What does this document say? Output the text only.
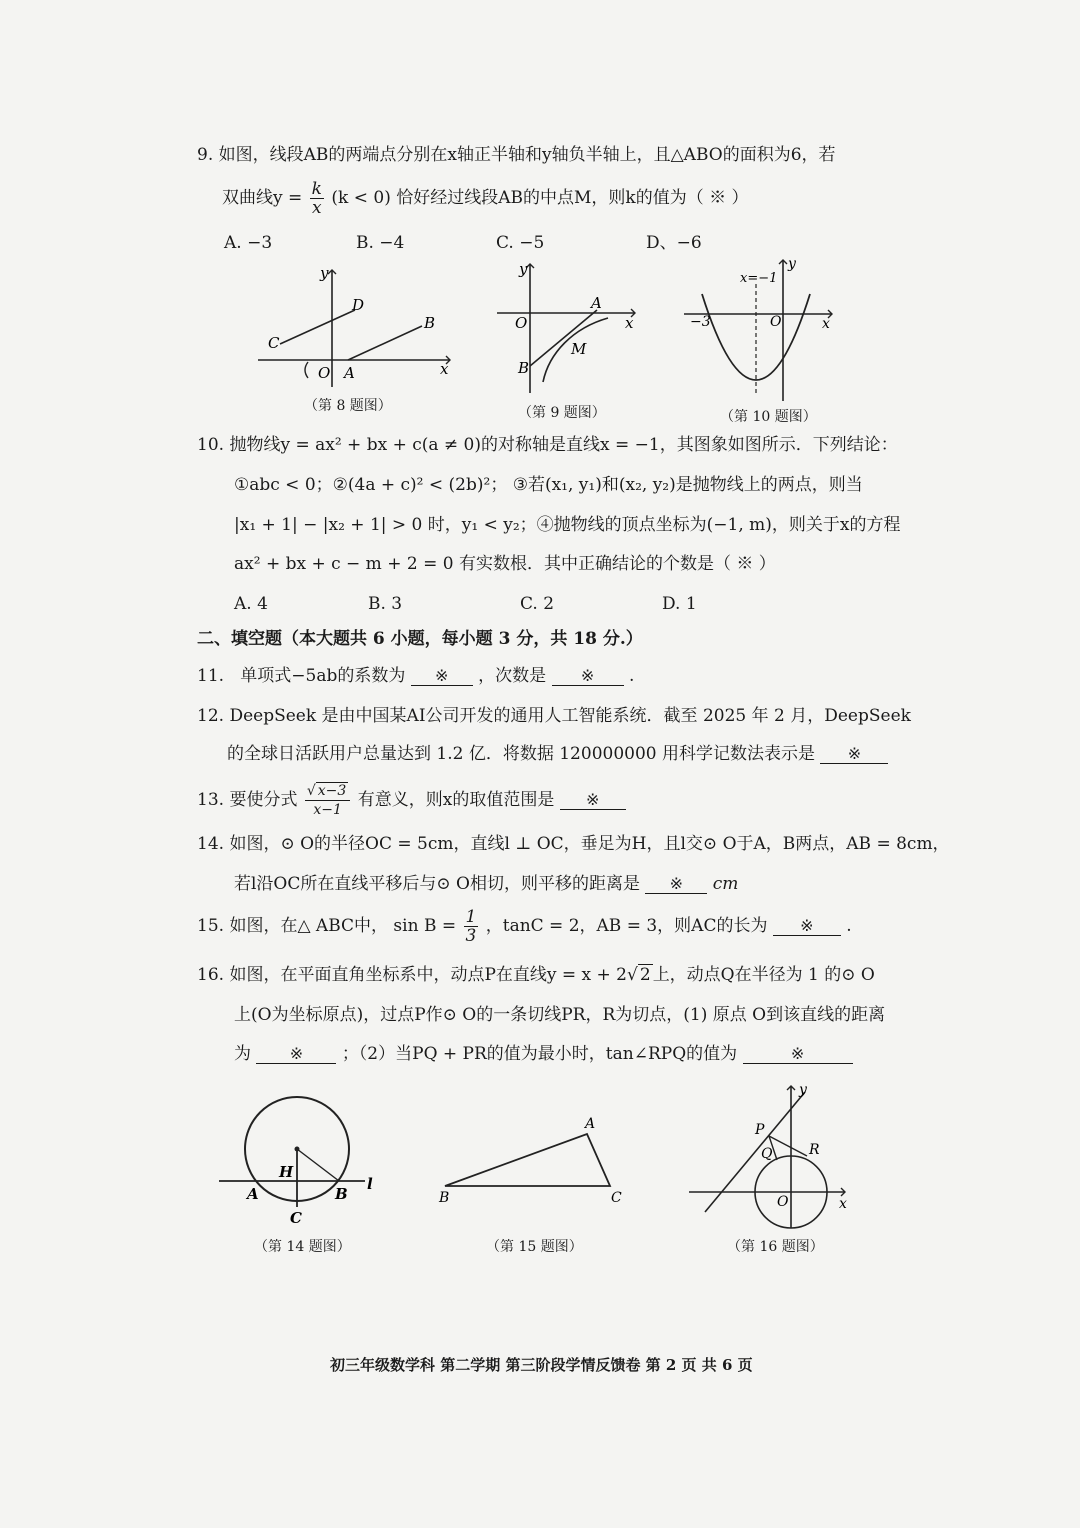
9. 如图，线段AB的两端点分别在x轴正半轴和y轴负半轴上，且△ABO的面积为6，若
双曲线$y = \frac{k}{x} (k < 0)$ 恰好经过线段AB的中点M，则k的值为（ ※ ）
A. −3	B. −4	C. −5	D、−6
y
D
B
C
O A	x
（第 8 题图）
y
A
O	x
M
B
（第 9 题图）
x=−1
y
−3	O	x
（第 10 题图）
10. 抛物线y = ax² + bx + c(a ≠ 0)的对称轴是直线x = −1，其图象如图所示．下列结论：
①abc < 0；②(4a + c)² < (2b)²； ③若(x₁, y₁)和(x₂, y₂)是抛物线上的两点，则当
|x₁ + 1| − |x₂ + 1| > 0 时，y₁ < y₂；④抛物线的顶点坐标为(−1, m)，则关于x的方程
ax² + bx + c − m + 2 = 0 有实数根．其中正确结论的个数是（ ※ ）
A. 4	B. 3	C. 2	D. 1
二、填空题（本大题共 6 小题，每小题 3 分，共 18 分.）
11. 单项式−5ab的系数为 ※ ，次数是 ※ .
12. DeepSeek 是由中国某AI公司开发的通用人工智能系统．截至 2025 年 2 月，DeepSeek
的全球日活跃用户总量达到 1.2 亿．将数据 120000000 用科学记数法表示是 ※
13. 要使分式 $\frac{√ x-3}{x-1}$ 有意义，则x的取值范围是 ※
14. 如图，⊙ O的半径OC = 5cm，直线l ⊥ OC，垂足为H，且l交⊙ O于A，B两点，AB = 8cm，
若l沿OC所在直线平移后与⊙ O相切，则平移的距离是 ※ cm
15. 如图，在△ ABC中， $\sin B = \frac{1}{3}$ ，tanC = 2，AB = 3，则AC的长为 ※ .
16. 如图，在平面直角坐标系中，动点P在直线y = x + 2√ 2 上，动点Q在半径为 1 的⊙ O
上(O为坐标原点)，过点P作⊙ O的一条切线PR，R为切点，(1) 原点 O到该直线的距离
为 ※ ；（2）当PQ + PR的值为最小时，tan∠RPQ的值为	※
H
A	B
l
C
（第 14 题图）
A
B	C
（第 15 题图）
y
P
Q	R
O	x
（第 16 题图）
初三年级数学科 第二学期 第三阶段学情反馈卷 第 2 页 共 6 页
